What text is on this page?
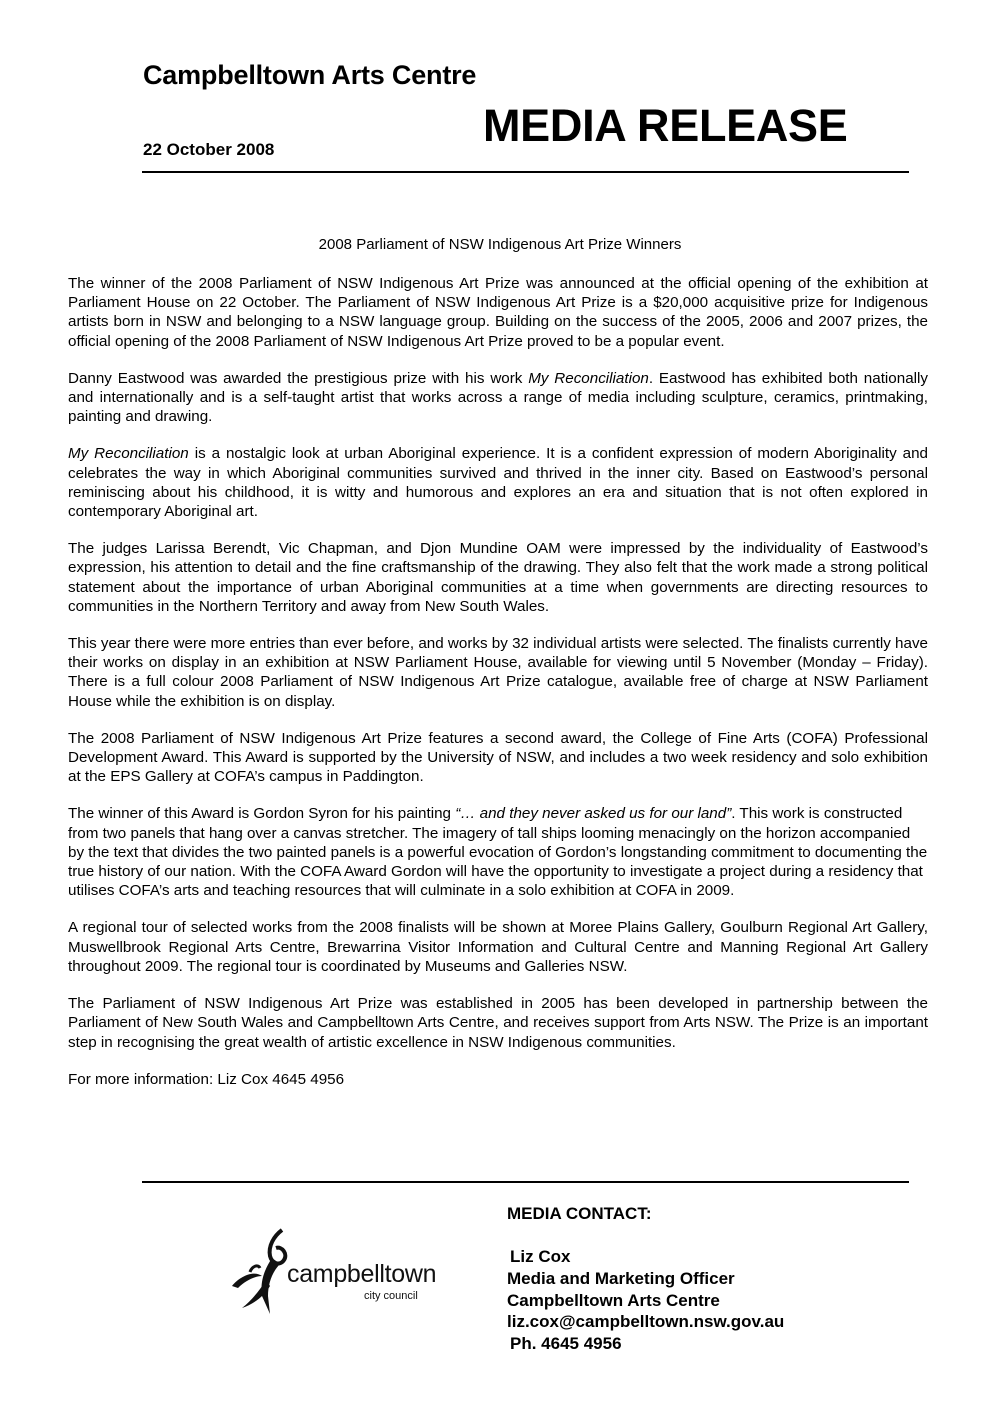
Campbelltown Arts Centre
MEDIA RELEASE
22 October 2008
2008 Parliament of NSW Indigenous Art Prize Winners

The winner of the 2008 Parliament of NSW Indigenous Art Prize was announced at the official opening of the exhibition at Parliament House on 22 October. The Parliament of NSW Indigenous Art Prize is a $20,000 acquisitive prize for Indigenous artists born in NSW and belonging to a NSW language group. Building on the success of the 2005, 2006 and 2007 prizes, the official opening of the 2008 Parliament of NSW Indigenous Art Prize proved to be a popular event.

Danny Eastwood was awarded the prestigious prize with his work My Reconciliation. Eastwood has exhibited both nationally and internationally and is a self-taught artist that works across a range of media including sculpture, ceramics, printmaking, painting and drawing.

My Reconciliation is a nostalgic look at urban Aboriginal experience. It is a confident expression of modern Aboriginality and celebrates the way in which Aboriginal communities survived and thrived in the inner city. Based on Eastwood’s personal reminiscing about his childhood, it is witty and humorous and explores an era and situation that is not often explored in contemporary Aboriginal art.

The judges Larissa Berendt, Vic Chapman, and Djon Mundine OAM were impressed by the individuality of Eastwood’s expression, his attention to detail and the fine craftsmanship of the drawing. They also felt that the work made a strong political statement about the importance of urban Aboriginal communities at a time when governments are directing resources to communities in the Northern Territory and away from New South Wales.

This year there were more entries than ever before, and works by 32 individual artists were selected. The finalists currently have their works on display in an exhibition at NSW Parliament House, available for viewing until 5 November (Monday – Friday). There is a full colour 2008 Parliament of NSW Indigenous Art Prize catalogue, available free of charge at NSW Parliament House while the exhibition is on display.

The 2008 Parliament of NSW Indigenous Art Prize features a second award, the College of Fine Arts (COFA) Professional Development Award. This Award is supported by the University of NSW, and includes a two week residency and solo exhibition at the EPS Gallery at COFA’s campus in Paddington.

The winner of this Award is Gordon Syron for his painting “… and they never asked us for our land”. This work is constructed from two panels that hang over a canvas stretcher. The imagery of tall ships looming menacingly on the horizon accompanied by the text that divides the two painted panels is a powerful evocation of Gordon’s longstanding commitment to documenting the true history of our nation. With the COFA Award Gordon will have the opportunity to investigate a project during a residency that utilises COFA’s arts and teaching resources that will culminate in a solo exhibition at COFA in 2009.

A regional tour of selected works from the 2008 finalists will be shown at Moree Plains Gallery, Goulburn Regional Art Gallery, Muswellbrook Regional Arts Centre, Brewarrina Visitor Information and Cultural Centre and Manning Regional Art Gallery throughout 2009. The regional tour is coordinated by Museums and Galleries NSW.

The Parliament of NSW Indigenous Art Prize was established in 2005 has been developed in partnership between the Parliament of New South Wales and Campbelltown Arts Centre, and receives support from Arts NSW. The Prize is an important step in recognising the great wealth of artistic excellence in NSW Indigenous communities.

For more information: Liz Cox 4645 4956

campbelltown
city council
MEDIA CONTACT:
Liz Cox
Media and Marketing Officer
Campbelltown Arts Centre
liz.cox@campbelltown.nsw.gov.au
Ph. 4645 4956
